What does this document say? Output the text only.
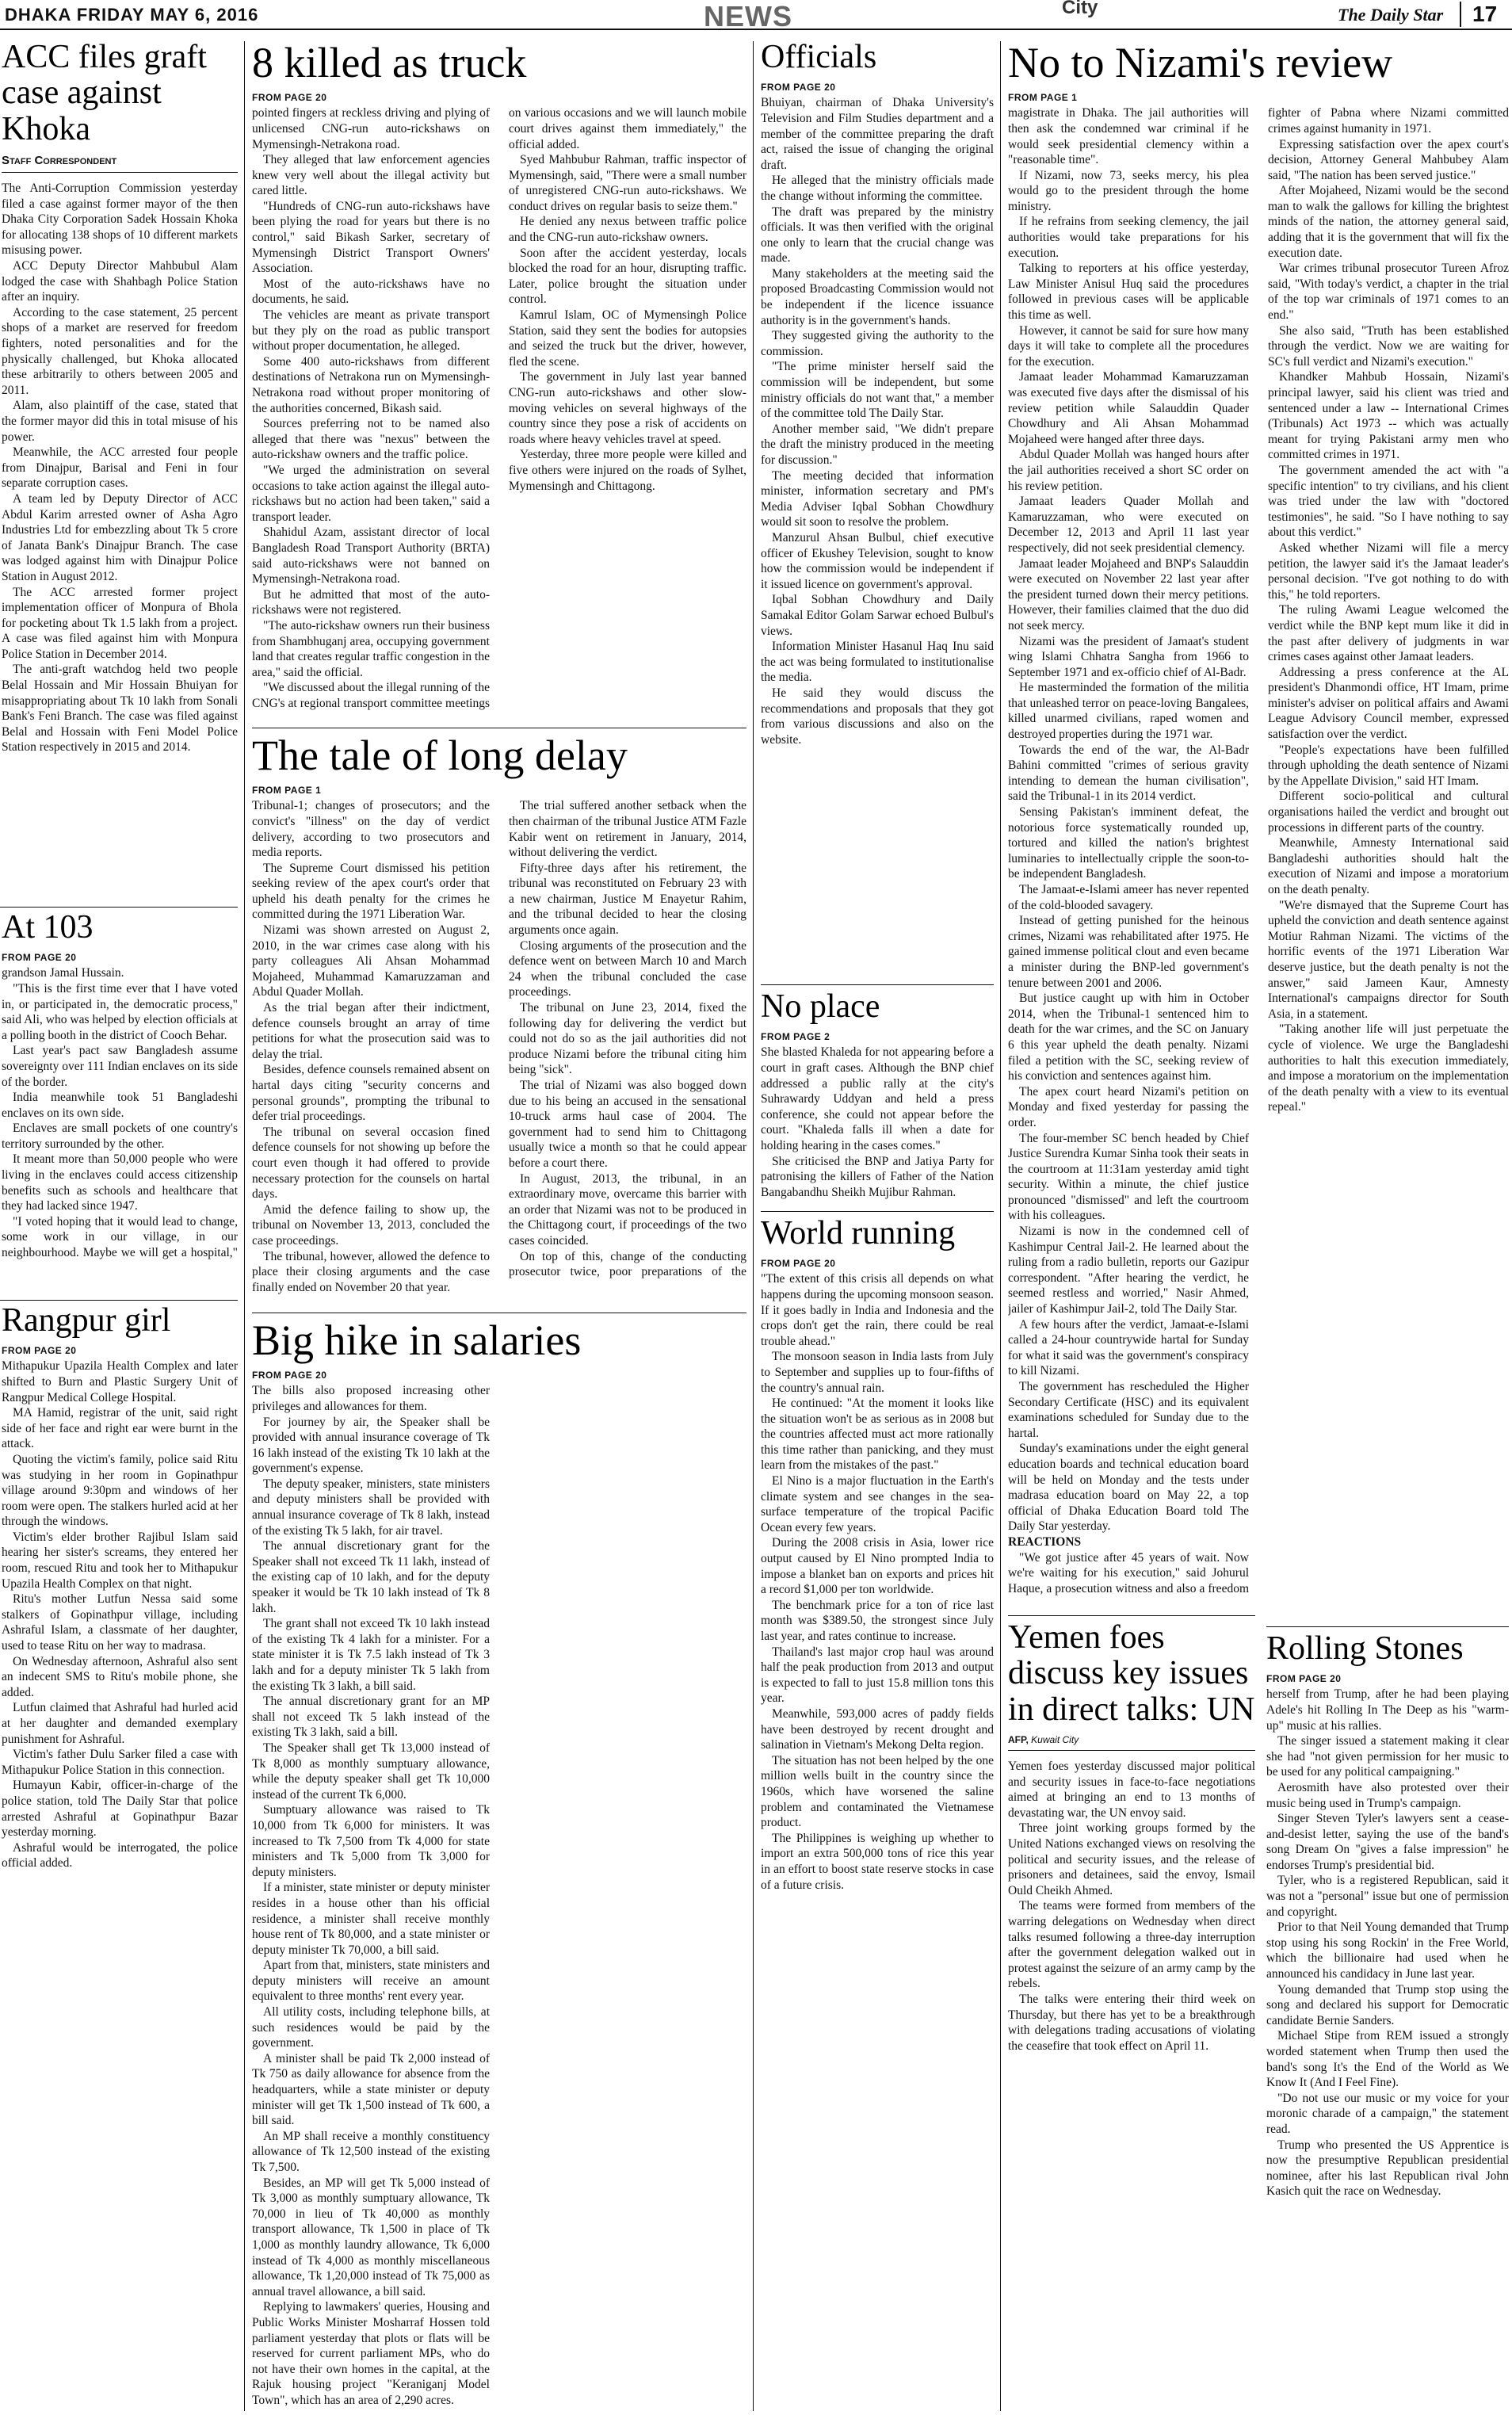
DHAKA FRIDAY MAY 6, 2016	NEWS	City	The Daily Star	17
ACC files graft case against Khoka
Staff Correspondent

The Anti-Corruption Commission yesterday filed a case against former mayor of the then Dhaka City Corporation Sadek Hossain Khoka for allocating 138 shops of 10 different markets misusing power.

ACC Deputy Director Mahbubul Alam lodged the case with Shahbagh Police Station after an inquiry.

According to the case statement, 25 percent shops of a market are reserved for freedom fighters, noted personalities and for the physically challenged, but Khoka allocated these arbitrarily to others between 2005 and 2011.

Alam, also plaintiff of the case, stated that the former mayor did this in total misuse of his power.

Meanwhile, the ACC arrested four people from Dinajpur, Barisal and Feni in four separate corruption cases.

A team led by Deputy Director of ACC Abdul Karim arrested owner of Asha Agro Industries Ltd for embezzling about Tk 5 crore of Janata Bank's Dinajpur Branch. The case was lodged against him with Dinajpur Police Station in August 2012.

The ACC arrested former project implementation officer of Monpura of Bhola for pocketing about Tk 1.5 lakh from a project. A case was filed against him with Monpura Police Station in December 2014.

The anti-graft watchdog held two people Belal Hossain and Mir Hossain Bhuiyan for misappropriating about Tk 10 lakh from Sonali Bank's Feni Branch. The case was filed against Belal and Hossain with Feni Model Police Station respectively in 2015 and 2014.

At 103
FROM PAGE 20

grandson Jamal Hussain.

"This is the first time ever that I have voted in, or participated in, the democratic process," said Ali, who was helped by election officials at a polling booth in the district of Cooch Behar.

Last year's pact saw Bangladesh assume sovereignty over 111 Indian enclaves on its side of the border.

India meanwhile took 51 Bangladeshi enclaves on its own side.

Enclaves are small pockets of one country's territory surrounded by the other.

It meant more than 50,000 people who were living in the enclaves could access citizenship benefits such as schools and healthcare that they had lacked since 1947.

"I voted hoping that it would lead to change, some work in our village, in our neighbourhood. Maybe we will get a hospital,"

Rangpur girl
FROM PAGE 20

Mithapukur Upazila Health Complex and later shifted to Burn and Plastic Surgery Unit of Rangpur Medical College Hospital.

MA Hamid, registrar of the unit, said right side of her face and right ear were burnt in the attack.

Quoting the victim's family, police said Ritu was studying in her room in Gopinathpur village around 9:30pm and windows of her room were open. The stalkers hurled acid at her through the windows.

Victim's elder brother Rajibul Islam said hearing her sister's screams, they entered her room, rescued Ritu and took her to Mithapukur Upazila Health Complex on that night.

Ritu's mother Lutfun Nessa said some stalkers of Gopinathpur village, including Ashraful Islam, a classmate of her daughter, used to tease Ritu on her way to madrasa.

On Wednesday afternoon, Ashraful also sent an indecent SMS to Ritu's mobile phone, she added.

Lutfun claimed that Ashraful had hurled acid at her daughter and demanded exemplary punishment for Ashraful.

Victim's father Dulu Sarker filed a case with Mithapukur Police Station in this connection.

Humayun Kabir, officer-in-charge of the police station, told The Daily Star that police arrested Ashraful at Gopinathpur Bazar yesterday morning.

Ashraful would be interrogated, the police official added.

8 killed as truck
FROM PAGE 20

pointed fingers at reckless driving and plying of unlicensed CNG-run auto-rickshaws on Mymensingh-Netrakona road.

They alleged that law enforcement agencies knew very well about the illegal activity but cared little.

"Hundreds of CNG-run auto-rickshaws have been plying the road for years but there is no control," said Bikash Sarker, secretary of Mymensingh District Transport Owners' Association.

Most of the auto-rickshaws have no documents, he said.

The vehicles are meant as private transport but they ply on the road as public transport without proper documentation, he alleged.

Some 400 auto-rickshaws from different destinations of Netrakona run on Mymensingh-Netrakona road without proper monitoring of the authorities concerned, Bikash said.

Sources preferring not to be named also alleged that there was "nexus" between the auto-rickshaw owners and the traffic police.

"We urged the administration on several occasions to take action against the illegal auto-rickshaws but no action had been taken," said a transport leader.

Shahidul Azam, assistant director of local Bangladesh Road Transport Authority (BRTA) said auto-rickshaws were not banned on Mymensingh-Netrakona road.

But he admitted that most of the auto-rickshaws were not registered.

"The auto-rickshaw owners run their business from Shambhuganj area, occupying government land that creates regular traffic congestion in the area," said the official.

"We discussed about the illegal running of the CNG's at regional transport committee meetings on various occasions and we will launch mobile court drives against them immediately," the official added.

Syed Mahbubur Rahman, traffic inspector of Mymensingh, said, "There were a small number of unregistered CNG-run auto-rickshaws. We conduct drives on regular basis to seize them."

He denied any nexus between traffic police and the CNG-run auto-rickshaw owners.

Soon after the accident yesterday, locals blocked the road for an hour, disrupting traffic. Later, police brought the situation under control.

Kamrul Islam, OC of Mymensingh Police Station, said they sent the bodies for autopsies and seized the truck but the driver, however, fled the scene.

The government in July last year banned CNG-run auto-rickshaws and other slow-moving vehicles on several highways of the country since they pose a risk of accidents on roads where heavy vehicles travel at speed.

Yesterday, three more people were killed and five others were injured on the roads of Sylhet, Mymensingh and Chittagong.

The tale of long delay
FROM PAGE 1

Tribunal-1; changes of prosecutors; and the convict's "illness" on the day of verdict delivery, according to two prosecutors and media reports.

The Supreme Court dismissed his petition seeking review of the apex court's order that upheld his death penalty for the crimes he committed during the 1971 Liberation War.

Nizami was shown arrested on August 2, 2010, in the war crimes case along with his party colleagues Ali Ahsan Mohammad Mojaheed, Muhammad Kamaruzzaman and Abdul Quader Mollah.

As the trial began after their indictment, defence counsels brought an array of time petitions for what the prosecution said was to delay the trial.

Besides, defence counsels remained absent on hartal days citing "security concerns and personal grounds", prompting the tribunal to defer trial proceedings.

The tribunal on several occasion fined defence counsels for not showing up before the court even though it had offered to provide necessary protection for the counsels on hartal days.

Amid the defence failing to show up, the tribunal on November 13, 2013, concluded the case proceedings.

The tribunal, however, allowed the defence to place their closing arguments and the case finally ended on November 20 that year.

The trial suffered another setback when the then chairman of the tribunal Justice ATM Fazle Kabir went on retirement in January, 2014, without delivering the verdict.

Fifty-three days after his retirement, the tribunal was reconstituted on February 23 with a new chairman, Justice M Enayetur Rahim, and the tribunal decided to hear the closing arguments once again.

Closing arguments of the prosecution and the defence went on between March 10 and March 24 when the tribunal concluded the case proceedings.

The tribunal on June 23, 2014, fixed the following day for delivering the verdict but could not do so as the jail authorities did not produce Nizami before the tribunal citing him being "sick".

The trial of Nizami was also bogged down due to his being an accused in the sensational 10-truck arms haul case of 2004. The government had to send him to Chittagong usually twice a month so that he could appear before a court there.

In August, 2013, the tribunal, in an extraordinary move, overcame this barrier with an order that Nizami was not to be produced in the Chittagong court, if proceedings of the two cases coincided.

On top of this, change of the conducting prosecutor twice, poor preparations of the

Big hike in salaries
FROM PAGE 20

The bills also proposed increasing other privileges and allowances for them.

For journey by air, the Speaker shall be provided with annual insurance coverage of Tk 16 lakh instead of the existing Tk 10 lakh at the government's expense.

The deputy speaker, ministers, state ministers and deputy ministers shall be provided with annual insurance coverage of Tk 8 lakh, instead of the existing Tk 5 lakh, for air travel.

The annual discretionary grant for the Speaker shall not exceed Tk 11 lakh, instead of the existing cap of 10 lakh, and for the deputy speaker it would be Tk 10 lakh instead of Tk 8 lakh.

The grant shall not exceed Tk 10 lakh instead of the existing Tk 4 lakh for a minister. For a state minister it is Tk 7.5 lakh instead of Tk 3 lakh and for a deputy minister Tk 5 lakh from the existing Tk 3 lakh, a bill said.

The annual discretionary grant for an MP shall not exceed Tk 5 lakh instead of the existing Tk 3 lakh, said a bill.

The Speaker shall get Tk 13,000 instead of Tk 8,000 as monthly sumptuary allowance, while the deputy speaker shall get Tk 10,000 instead of the current Tk 6,000.

Sumptuary allowance was raised to Tk 10,000 from Tk 6,000 for ministers. It was increased to Tk 7,500 from Tk 4,000 for state ministers and Tk 5,000 from Tk 3,000 for deputy ministers.

If a minister, state minister or deputy minister resides in a house other than his official residence, a minister shall receive monthly house rent of Tk 80,000, and a state minister or deputy minister Tk 70,000, a bill said.

Apart from that, ministers, state ministers and deputy ministers will receive an amount equivalent to three months' rent every year.

All utility costs, including telephone bills, at such residences would be paid by the government.

A minister shall be paid Tk 2,000 instead of Tk 750 as daily allowance for absence from the headquarters, while a state minister or deputy minister will get Tk 1,500 instead of Tk 600, a bill said.

An MP shall receive a monthly constituency allowance of Tk 12,500 instead of the existing Tk 7,500.

Besides, an MP will get Tk 5,000 instead of Tk 3,000 as monthly sumptuary allowance, Tk 70,000 in lieu of Tk 40,000 as monthly transport allowance, Tk 1,500 in place of Tk 1,000 as monthly laundry allowance, Tk 6,000 instead of Tk 4,000 as monthly miscellaneous allowance, Tk 1,20,000 instead of Tk 75,000 as annual travel allowance, a bill said.

Replying to lawmakers' queries, Housing and Public Works Minister Mosharraf Hossen told parliament yesterday that plots or flats will be reserved for current parliament MPs, who do not have their own homes in the capital, at the Rajuk housing project "Keraniganj Model Town", which has an area of 2,290 acres.

Officials
FROM PAGE 20

Bhuiyan, chairman of Dhaka University's Television and Film Studies department and a member of the committee preparing the draft act, raised the issue of changing the original draft.

He alleged that the ministry officials made the change without informing the committee.

The draft was prepared by the ministry officials. It was then verified with the original one only to learn that the crucial change was made.

Many stakeholders at the meeting said the proposed Broadcasting Commission would not be independent if the licence issuance authority is in the government's hands.

They suggested giving the authority to the commission.

"The prime minister herself said the commission will be independent, but some ministry officials do not want that," a member of the committee told The Daily Star.

Another member said, "We didn't prepare the draft the ministry produced in the meeting for discussion."

The meeting decided that information minister, information secretary and PM's Media Adviser Iqbal Sobhan Chowdhury would sit soon to resolve the problem.

Manzurul Ahsan Bulbul, chief executive officer of Ekushey Television, sought to know how the commission would be independent if it issued licence on government's approval.

Iqbal Sobhan Chowdhury and Daily Samakal Editor Golam Sarwar echoed Bulbul's views.

Information Minister Hasanul Haq Inu said the act was being formulated to institutionalise the media.

He said they would discuss the recommendations and proposals that they got from various discussions and also on the website.

No place
FROM PAGE 2

She blasted Khaleda for not appearing before a court in graft cases. Although the BNP chief addressed a public rally at the city's Suhrawardy Uddyan and held a press conference, she could not appear before the court. "Khaleda falls ill when a date for holding hearing in the cases comes."

She criticised the BNP and Jatiya Party for patronising the killers of Father of the Nation Bangabandhu Sheikh Mujibur Rahman.

World running
FROM PAGE 20

"The extent of this crisis all depends on what happens during the upcoming monsoon season. If it goes badly in India and Indonesia and the crops don't get the rain, there could be real trouble ahead."

The monsoon season in India lasts from July to September and supplies up to four-fifths of the country's annual rain.

He continued: "At the moment it looks like the situation won't be as serious as in 2008 but the countries affected must act more rationally this time rather than panicking, and they must learn from the mistakes of the past."

El Nino is a major fluctuation in the Earth's climate system and see changes in the sea-surface temperature of the tropical Pacific Ocean every few years.

During the 2008 crisis in Asia, lower rice output caused by El Nino prompted India to impose a blanket ban on exports and prices hit a record $1,000 per ton worldwide.

The benchmark price for a ton of rice last month was $389.50, the strongest since July last year, and rates continue to increase.

Thailand's last major crop haul was around half the peak production from 2013 and output is expected to fall to just 15.8 million tons this year.

Meanwhile, 593,000 acres of paddy fields have been destroyed by recent drought and salination in Vietnam's Mekong Delta region.

The situation has not been helped by the one million wells built in the country since the 1960s, which have worsened the saline problem and contaminated the Vietnamese product.

The Philippines is weighing up whether to import an extra 500,000 tons of rice this year in an effort to boost state reserve stocks in case of a future crisis.

No to Nizami's review
FROM PAGE 1

magistrate in Dhaka. The jail authorities will then ask the condemned war criminal if he would seek presidential clemency within a "reasonable time".

If Nizami, now 73, seeks mercy, his plea would go to the president through the home ministry.

If he refrains from seeking clemency, the jail authorities would take preparations for his execution.

Talking to reporters at his office yesterday, Law Minister Anisul Huq said the procedures followed in previous cases will be applicable this time as well.

However, it cannot be said for sure how many days it will take to complete all the procedures for the execution.

Jamaat leader Mohammad Kamaruzzaman was executed five days after the dismissal of his review petition while Salauddin Quader Chowdhury and Ali Ahsan Mohammad Mojaheed were hanged after three days.

Abdul Quader Mollah was hanged hours after the jail authorities received a short SC order on his review petition.

Jamaat leaders Quader Mollah and Kamaruzzaman, who were executed on December 12, 2013 and April 11 last year respectively, did not seek presidential clemency.

Jamaat leader Mojaheed and BNP's Salauddin were executed on November 22 last year after the president turned down their mercy petitions. However, their families claimed that the duo did not seek mercy.

Nizami was the president of Jamaat's student wing Islami Chhatra Sangha from 1966 to September 1971 and ex-officio chief of Al-Badr.

He masterminded the formation of the militia that unleashed terror on peace-loving Bangalees, killed unarmed civilians, raped women and destroyed properties during the 1971 war.

Towards the end of the war, the Al-Badr Bahini committed "crimes of serious gravity intending to demean the human civilisation", said the Tribunal-1 in its 2014 verdict.

Sensing Pakistan's imminent defeat, the notorious force systematically rounded up, tortured and killed the nation's brightest luminaries to intellectually cripple the soon-to-be independent Bangladesh.

The Jamaat-e-Islami ameer has never repented of the cold-blooded savagery.

Instead of getting punished for the heinous crimes, Nizami was rehabilitated after 1975. He gained immense political clout and even became a minister during the BNP-led government's tenure between 2001 and 2006.

But justice caught up with him in October 2014, when the Tribunal-1 sentenced him to death for the war crimes, and the SC on January 6 this year upheld the death penalty. Nizami filed a petition with the SC, seeking review of his conviction and sentences against him.

The apex court heard Nizami's petition on Monday and fixed yesterday for passing the order.

The four-member SC bench headed by Chief Justice Surendra Kumar Sinha took their seats in the courtroom at 11:31am yesterday amid tight security. Within a minute, the chief justice pronounced "dismissed" and left the courtroom with his colleagues.

Nizami is now in the condemned cell of Kashimpur Central Jail-2. He learned about the ruling from a radio bulletin, reports our Gazipur correspondent. "After hearing the verdict, he seemed restless and worried," Nasir Ahmed, jailer of Kashimpur Jail-2, told The Daily Star.

A few hours after the verdict, Jamaat-e-Islami called a 24-hour countrywide hartal for Sunday for what it said was the government's conspiracy to kill Nizami.

The government has rescheduled the Higher Secondary Certificate (HSC) and its equivalent examinations scheduled for Sunday due to the hartal.

Sunday's examinations under the eight general education boards and technical education board will be held on Monday and the tests under madrasa education board on May 22, a top official of Dhaka Education Board told The Daily Star yesterday.

REACTIONS

"We got justice after 45 years of wait. Now we're waiting for his execution," said Johurul Haque, a prosecution witness and also a freedom fighter of Pabna where Nizami committed crimes against humanity in 1971.

Expressing satisfaction over the apex court's decision, Attorney General Mahbubey Alam said, "The nation has been served justice."

After Mojaheed, Nizami would be the second man to walk the gallows for killing the brightest minds of the nation, the attorney general said, adding that it is the government that will fix the execution date.

War crimes tribunal prosecutor Tureen Afroz said, "With today's verdict, a chapter in the trial of the top war criminals of 1971 comes to an end."

She also said, "Truth has been established through the verdict. Now we are waiting for SC's full verdict and Nizami's execution."

Khandker Mahbub Hossain, Nizami's principal lawyer, said his client was tried and sentenced under a law -- International Crimes (Tribunals) Act 1973 -- which was actually meant for trying Pakistani army men who committed crimes in 1971.

The government amended the act with "a specific intention" to try civilians, and his client was tried under the law with "doctored testimonies", he said. "So I have nothing to say about this verdict."

Asked whether Nizami will file a mercy petition, the lawyer said it's the Jamaat leader's personal decision. "I've got nothing to do with this," he told reporters.

The ruling Awami League welcomed the verdict while the BNP kept mum like it did in the past after delivery of judgments in war crimes cases against other Jamaat leaders.

Addressing a press conference at the AL president's Dhanmondi office, HT Imam, prime minister's adviser on political affairs and Awami League Advisory Council member, expressed satisfaction over the verdict.

"People's expectations have been fulfilled through upholding the death sentence of Nizami by the Appellate Division," said HT Imam.

Different socio-political and cultural organisations hailed the verdict and brought out processions in different parts of the country.

Meanwhile, Amnesty International said Bangladeshi authorities should halt the execution of Nizami and impose a moratorium on the death penalty.

"We're dismayed that the Supreme Court has upheld the conviction and death sentence against Motiur Rahman Nizami. The victims of the horrific events of the 1971 Liberation War deserve justice, but the death penalty is not the answer," said Jameen Kaur, Amnesty International's campaigns director for South Asia, in a statement.

"Taking another life will just perpetuate the cycle of violence. We urge the Bangladeshi authorities to halt this execution immediately, and impose a moratorium on the implementation of the death penalty with a view to its eventual repeal."

Yemen foes discuss key issues in direct talks: UN
AFP, Kuwait City

Yemen foes yesterday discussed major political and security issues in face-to-face negotiations aimed at bringing an end to 13 months of devastating war, the UN envoy said.

Three joint working groups formed by the United Nations exchanged views on resolving the political and security issues, and the release of prisoners and detainees, said the envoy, Ismail Ould Cheikh Ahmed.

The teams were formed from members of the warring delegations on Wednesday when direct talks resumed following a three-day interruption after the government delegation walked out in protest against the seizure of an army camp by the rebels.

The talks were entering their third week on Thursday, but there has yet to be a breakthrough with delegations trading accusations of violating the ceasefire that took effect on April 11.

Rolling Stones
FROM PAGE 20

herself from Trump, after he had been playing Adele's hit Rolling In The Deep as his "warm-up" music at his rallies.

The singer issued a statement making it clear she had "not given permission for her music to be used for any political campaigning."

Aerosmith have also protested over their music being used in Trump's campaign.

Singer Steven Tyler's lawyers sent a cease-and-desist letter, saying the use of the band's song Dream On "gives a false impression" he endorses Trump's presidential bid.

Tyler, who is a registered Republican, said it was not a "personal" issue but one of permission and copyright.

Prior to that Neil Young demanded that Trump stop using his song Rockin' in the Free World, which the billionaire had used when he announced his candidacy in June last year.

Young demanded that Trump stop using the song and declared his support for Democratic candidate Bernie Sanders.

Michael Stipe from REM issued a strongly worded statement when Trump then used the band's song It's the End of the World as We Know It (And I Feel Fine).

"Do not use our music or my voice for your moronic charade of a campaign," the statement read.

Trump who presented the US Apprentice is now the presumptive Republican presidential nominee, after his last Republican rival John Kasich quit the race on Wednesday.
